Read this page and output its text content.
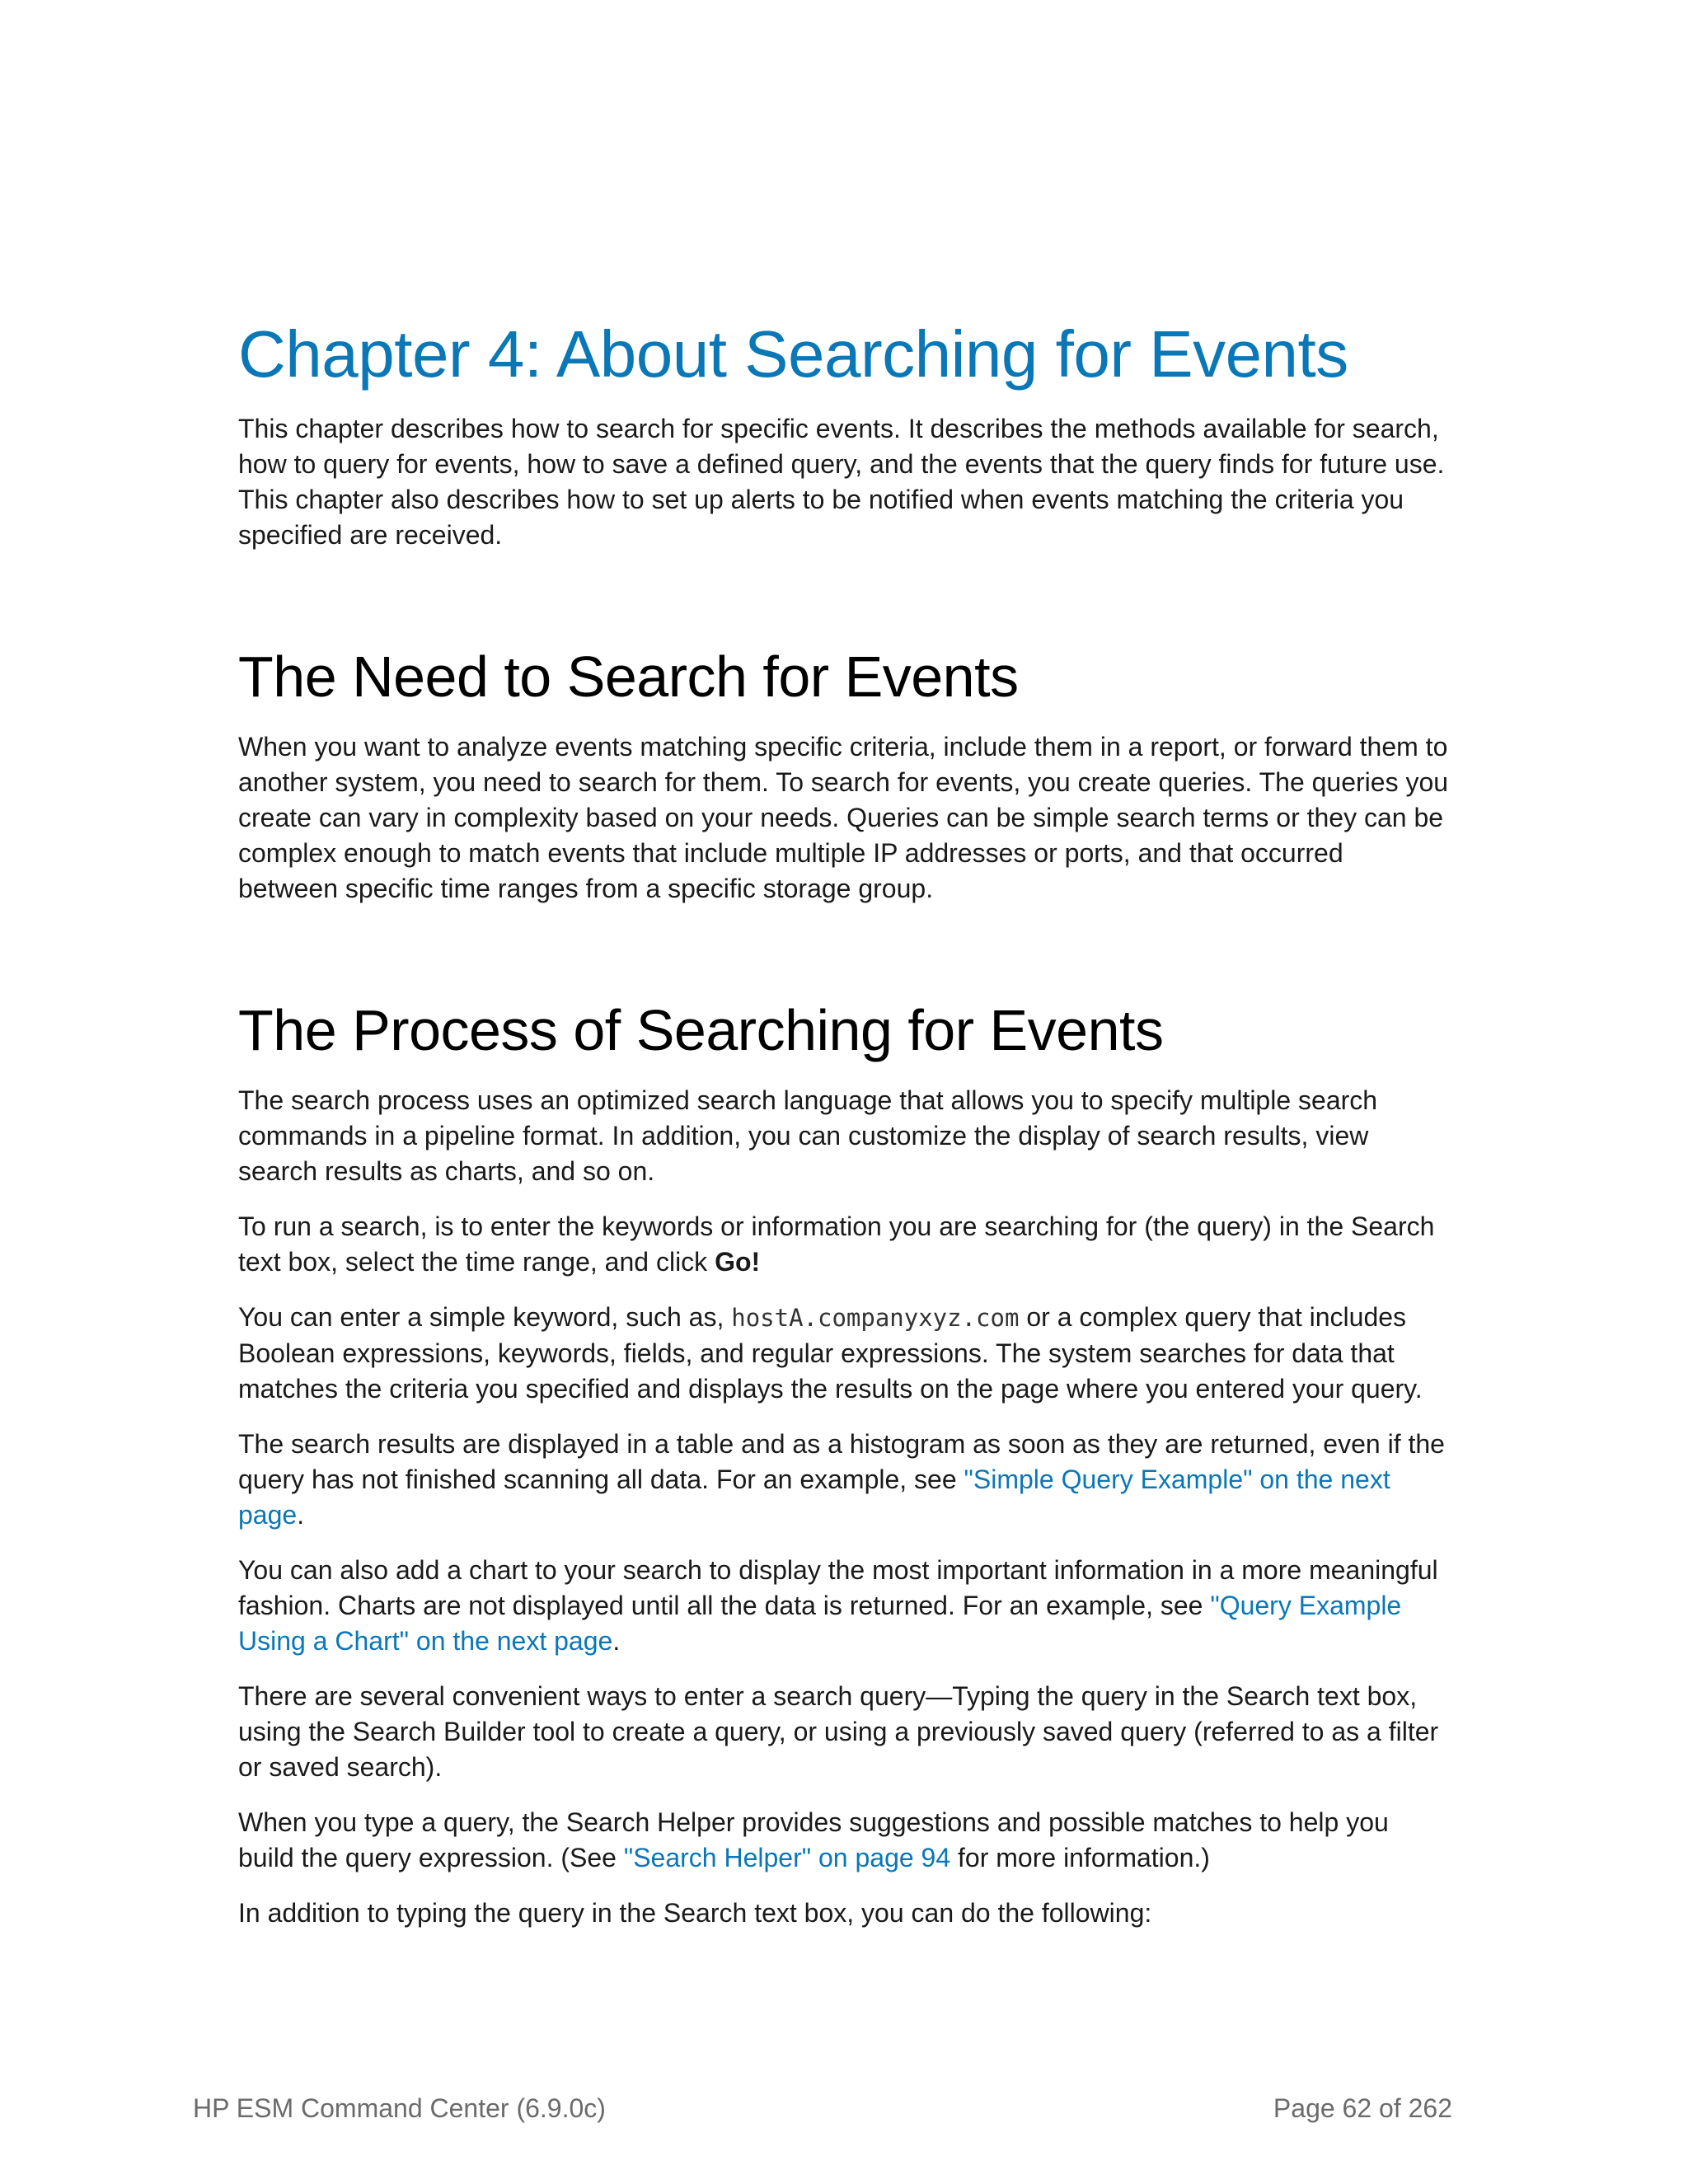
Chapter 4: About Searching for Events

This chapter describes how to search for specific events. It describes the methods available for search, how to query for events, how to save a defined query, and the events that the query finds for future use. This chapter also describes how to set up alerts to be notified when events matching the criteria you specified are received.

The Need to Search for Events

When you want to analyze events matching specific criteria, include them in a report, or forward them to another system, you need to search for them. To search for events, you create queries. The queries you create can vary in complexity based on your needs. Queries can be simple search terms or they can be complex enough to match events that include multiple IP addresses or ports, and that occurred between specific time ranges from a specific storage group.

The Process of Searching for Events

The search process uses an optimized search language that allows you to specify multiple search commands in a pipeline format. In addition, you can customize the display of search results, view search results as charts, and so on.

To run a search, is to enter the keywords or information you are searching for (the query) in the Search text box, select the time range, and click Go!

You can enter a simple keyword, such as, hostA.companyxyz.com or a complex query that includes Boolean expressions, keywords, fields, and regular expressions. The system searches for data that matches the criteria you specified and displays the results on the page where you entered your query.

The search results are displayed in a table and as a histogram as soon as they are returned, even if the query has not finished scanning all data. For an example, see "Simple Query Example" on the next page.

You can also add a chart to your search to display the most important information in a more meaningful fashion. Charts are not displayed until all the data is returned. For an example, see "Query Example Using a Chart" on the next page.

There are several convenient ways to enter a search query—Typing the query in the Search text box, using the Search Builder tool to create a query, or using a previously saved query (referred to as a filter or saved search).

When you type a query, the Search Helper provides suggestions and possible matches to help you build the query expression. (See "Search Helper" on page 94 for more information.)

In addition to typing the query in the Search text box, you can do the following:

HP ESM Command Center (6.9.0c)	Page 62 of 262
